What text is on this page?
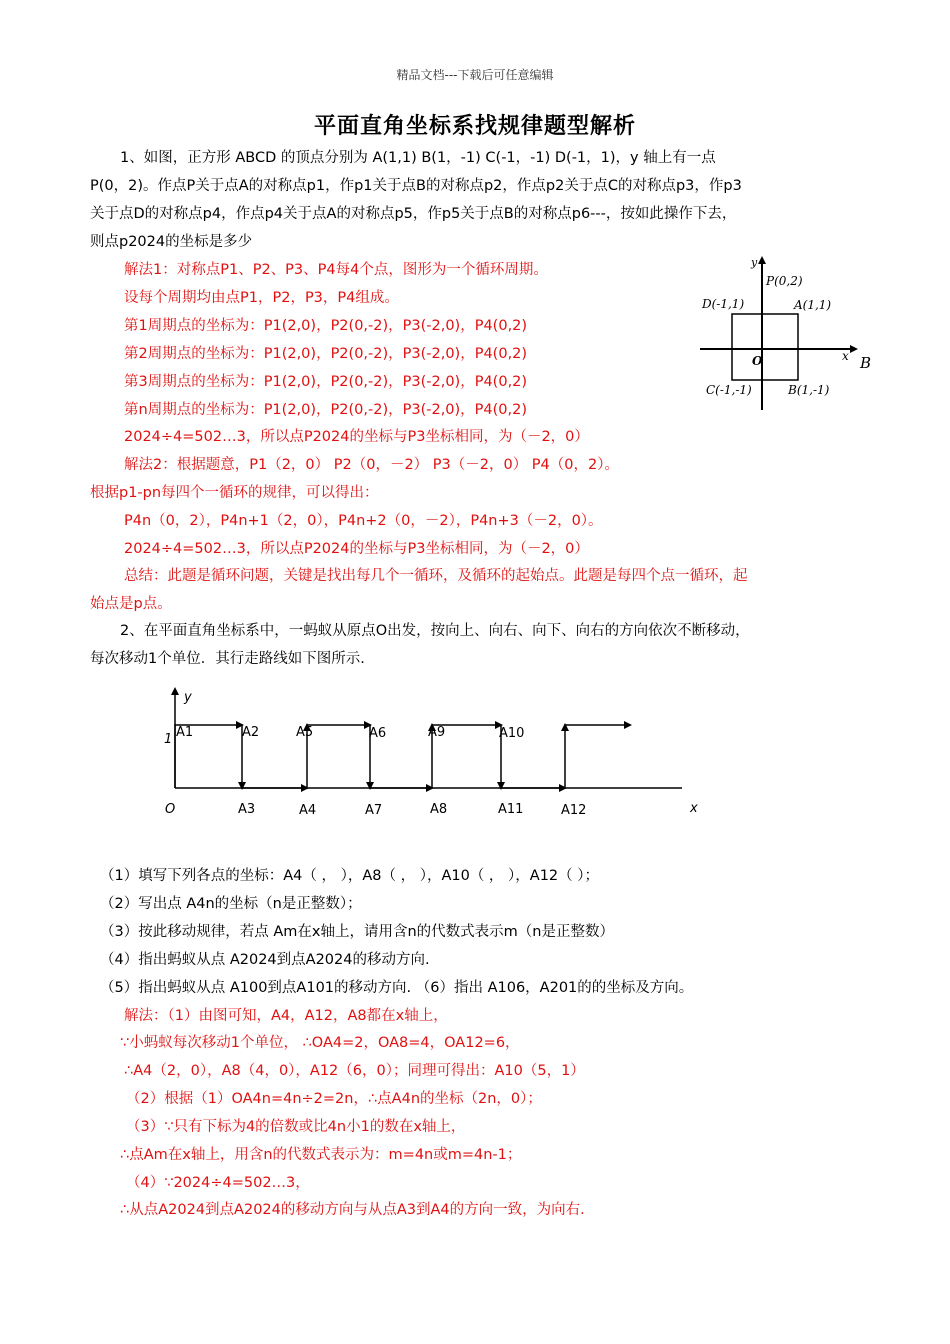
精品文档---下载后可任意编辑
平面直角坐标系找规律题型解析
1、如图，正方形 ABCD 的顶点分别为 A(1,1) B(1，-1) C(-1，-1) D(-1，1)，y 轴上有一点
P(0，2)。作点P关于点A的对称点p1，作p1关于点B的对称点p2，作点p2关于点C的对称点p3，作p3
关于点D的对称点p4，作点p4关于点A的对称点p5，作p5关于点B的对称点p6---，按如此操作下去，
则点p2024的坐标是多少
解法1：对称点P1、P2、P3、P4每4个点，图形为一个循环周期。
设每个周期均由点P1，P2，P3，P4组成。
第1周期点的坐标为：P1(2,0)，P2(0,-2)，P3(-2,0)，P4(0,2)
第2周期点的坐标为：P1(2,0)，P2(0,-2)，P3(-2,0)，P4(0,2)
第3周期点的坐标为：P1(2,0)，P2(0,-2)，P3(-2,0)，P4(0,2)
第n周期点的坐标为：P1(2,0)，P2(0,-2)，P3(-2,0)，P4(0,2)
2024÷4=502…3，所以点P2024的坐标与P3坐标相同，为（－2，0）
解法2：根据题意，P1（2，0） P2（0，－2） P3（－2，0） P4（0，2）。
根据p1-pn每四个一循环的规律，可以得出：
P4n（0，2），P4n+1（2，0），P4n+2（0，－2），P4n+3（－2，0）。
2024÷4=502…3，所以点P2024的坐标与P3坐标相同，为（－2，0）
总结：此题是循环问题，关键是找出每几个一循环，及循环的起始点。此题是每四个点一循环，起
始点是p点。
y
P(0,2)
D(-1,1)	A(1,1)
O	x B
C(-1,-1)	B(1,-1)
2、在平面直角坐标系中，一蚂蚁从原点O出发，按向上、向右、向下、向右的方向依次不断移动，
每次移动1个单位．其行走路线如下图所示.
y
1
O	x
A1	A2	A5	A6	A9	A10
A3	A4	A7	A8	A11	A12
（1）填写下列各点的坐标：A4（ ， ），A8（ ， ），A10（ ， ），A12（ ）；
（2）写出点 A4n的坐标（n是正整数）；
（3）按此移动规律，若点 Am在x轴上，请用含n的代数式表示m（n是正整数）
（4）指出蚂蚁从点 A2024到点A2024的移动方向.
（5）指出蚂蚁从点 A100到点A101的移动方向. （6）指出 A106，A201的的坐标及方向。
解法：（1）由图可知，A4，A12，A8都在x轴上，
∵小蚂蚁每次移动1个单位， ∴OA4=2，OA8=4，OA12=6，
∴A4（2，0），A8（4，0），A12（6，0）；同理可得出：A10（5，1）
（2）根据（1）OA4n=4n÷2=2n，∴点A4n的坐标（2n，0）；
（3）∵只有下标为4的倍数或比4n小1的数在x轴上，
∴点Am在x轴上，用含n的代数式表示为：m=4n或m=4n-1；
（4）∵2024÷4=502…3，
∴从点A2024到点A2024的移动方向与从点A3到A4的方向一致，为向右.
